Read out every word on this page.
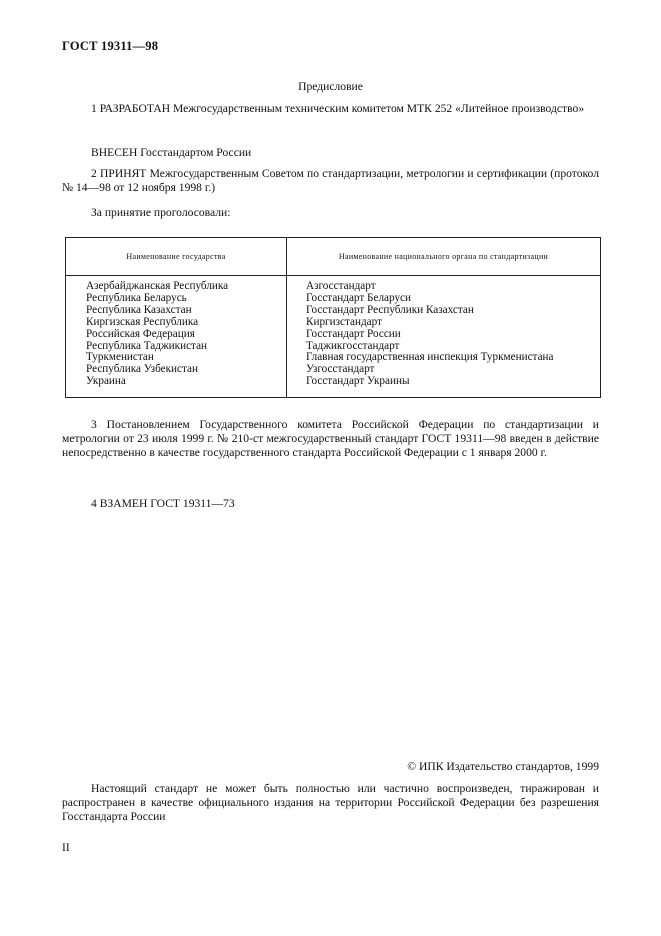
ГОСТ 19311—98
Предисловие
1 РАЗРАБОТАН Межгосударственным техническим комитетом МТК 252 «Литейное производство»
ВНЕСЕН Госстандартом России
2 ПРИНЯТ Межгосударственным Советом по стандартизации, метрологии и сертификации (протокол № 14—98 от 12 ноября 1998 г.)
За принятие проголосовали:
Наименование государства	Наименование национального органа по стандартизации
Азербайджанская Республика
Республика Беларусь
Республика Казахстан
Киргизская Республика
Российская Федерация
Республика Таджикистан
Туркменистан
Республика Узбекистан
Украина
Азгосстандарт
Госстандарт Беларуси
Госстандарт Республики Казахстан
Киргизстандарт
Госстандарт России
Таджикгосстандарт
Главная государственная инспекция Туркменистана
Узгосстандарт
Госстандарт Украины
3 Постановлением Государственного комитета Российской Федерации по стандартизации и метрологии от 23 июля 1999 г. № 210-ст межгосударственный стандарт ГОСТ 19311—98 введен в действие непосредственно в качестве государственного стандарта Российской Федерации с 1 января 2000 г.
4 ВЗАМЕН ГОСТ 19311—73
© ИПК Издательство стандартов, 1999
Настоящий стандарт не может быть полностью или частично воспроизведен, тиражирован и распространен в качестве официального издания на территории Российской Федерации без разрешения Госстандарта России
II
